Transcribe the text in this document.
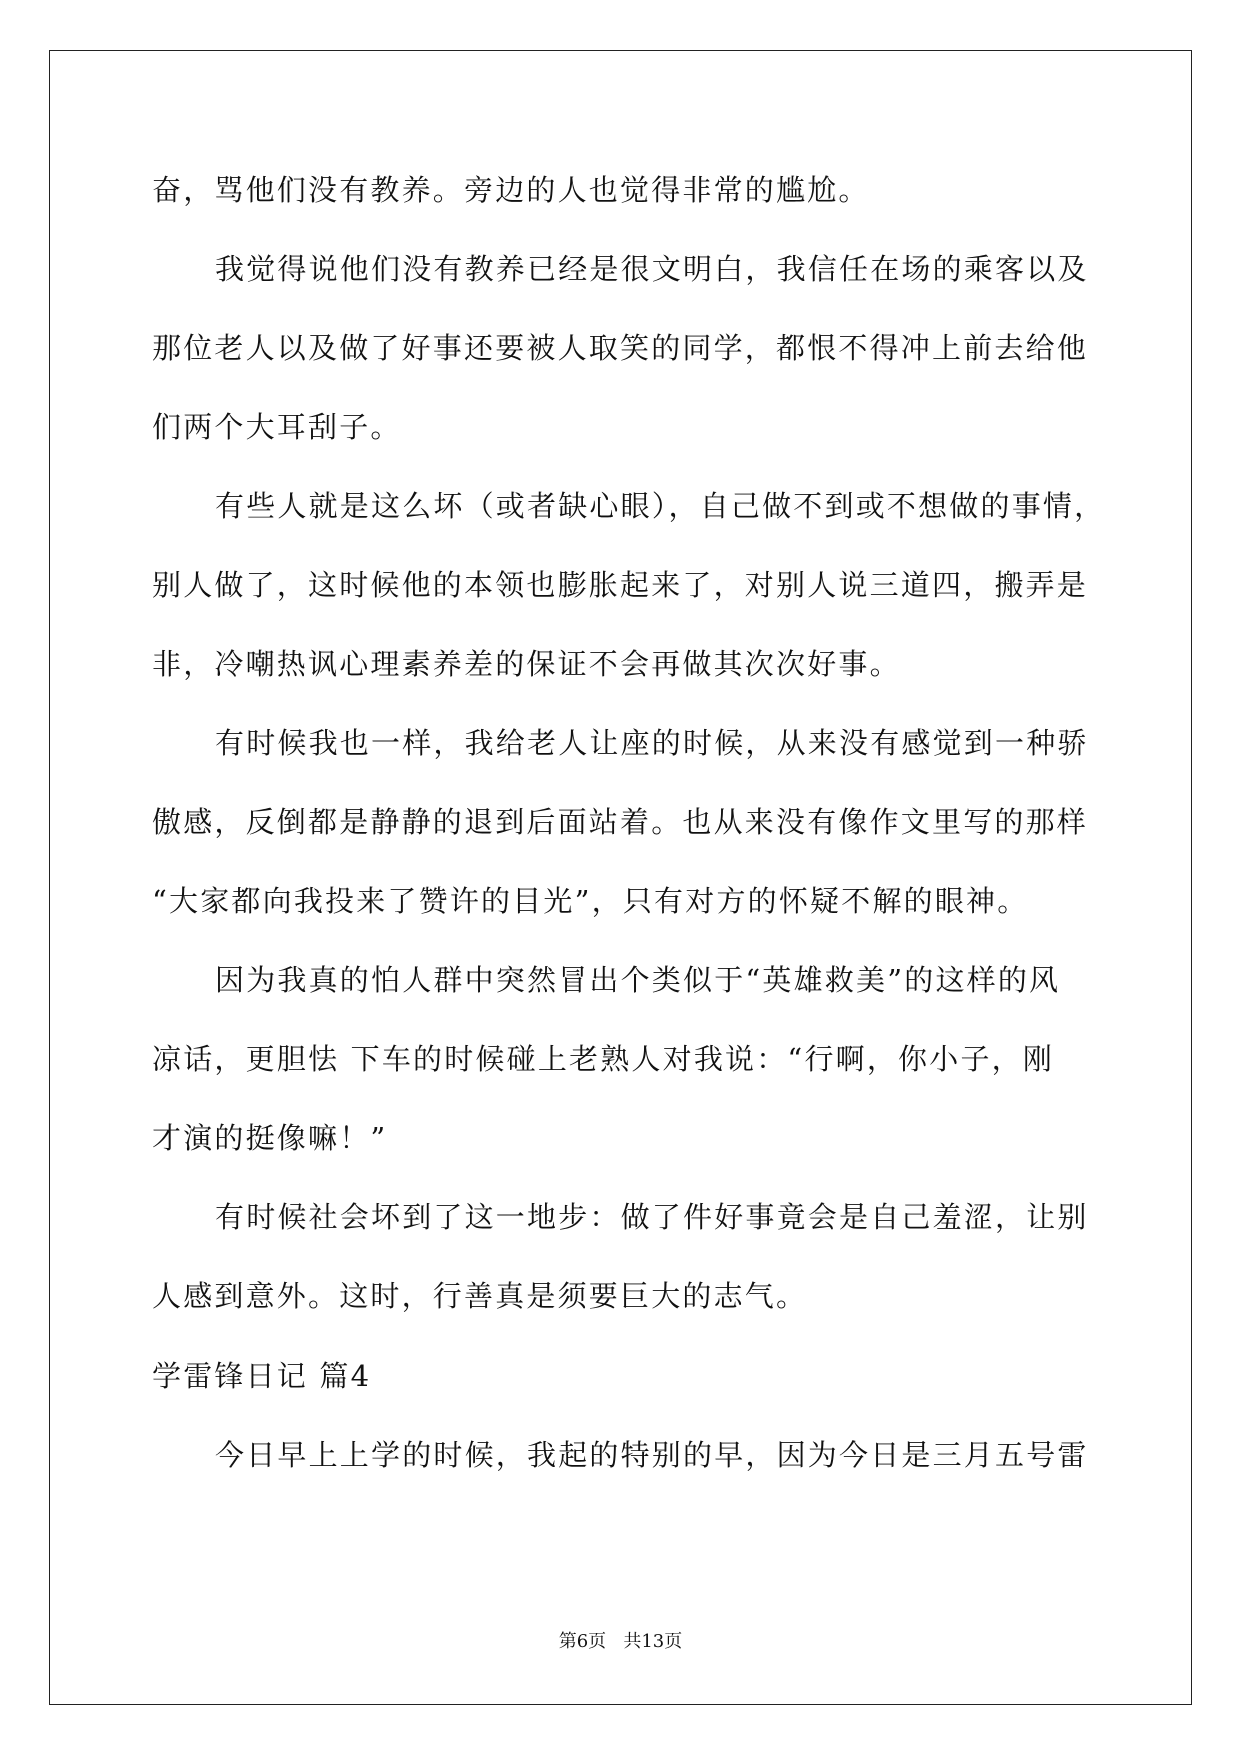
奋，骂他们没有教养。旁边的人也觉得非常的尴尬。
我觉得说他们没有教养已经是很文明白，我信任在场的乘客以及
那位老人以及做了好事还要被人取笑的同学，都恨不得冲上前去给他
们两个大耳刮子。
有些人就是这么坏（或者缺心眼），自己做不到或不想做的事情，
别人做了，这时候他的本领也膨胀起来了，对别人说三道四，搬弄是
非，冷嘲热讽心理素养差的保证不会再做其次次好事。
有时候我也一样，我给老人让座的时候，从来没有感觉到一种骄
傲感，反倒都是静静的退到后面站着。也从来没有像作文里写的那样
“大家都向我投来了赞许的目光”，只有对方的怀疑不解的眼神。
因为我真的怕人群中突然冒出个类似于“英雄救美”的这样的风
凉话，更胆怯 下车的时候碰上老熟人对我说：“行啊，你小子，刚
才演的挺像嘛！”
有时候社会坏到了这一地步：做了件好事竟会是自己羞涩，让别
人感到意外。这时，行善真是须要巨大的志气。
学雷锋日记 篇4
今日早上上学的时候，我起的特别的早，因为今日是三月五号雷
第6页   共13页
